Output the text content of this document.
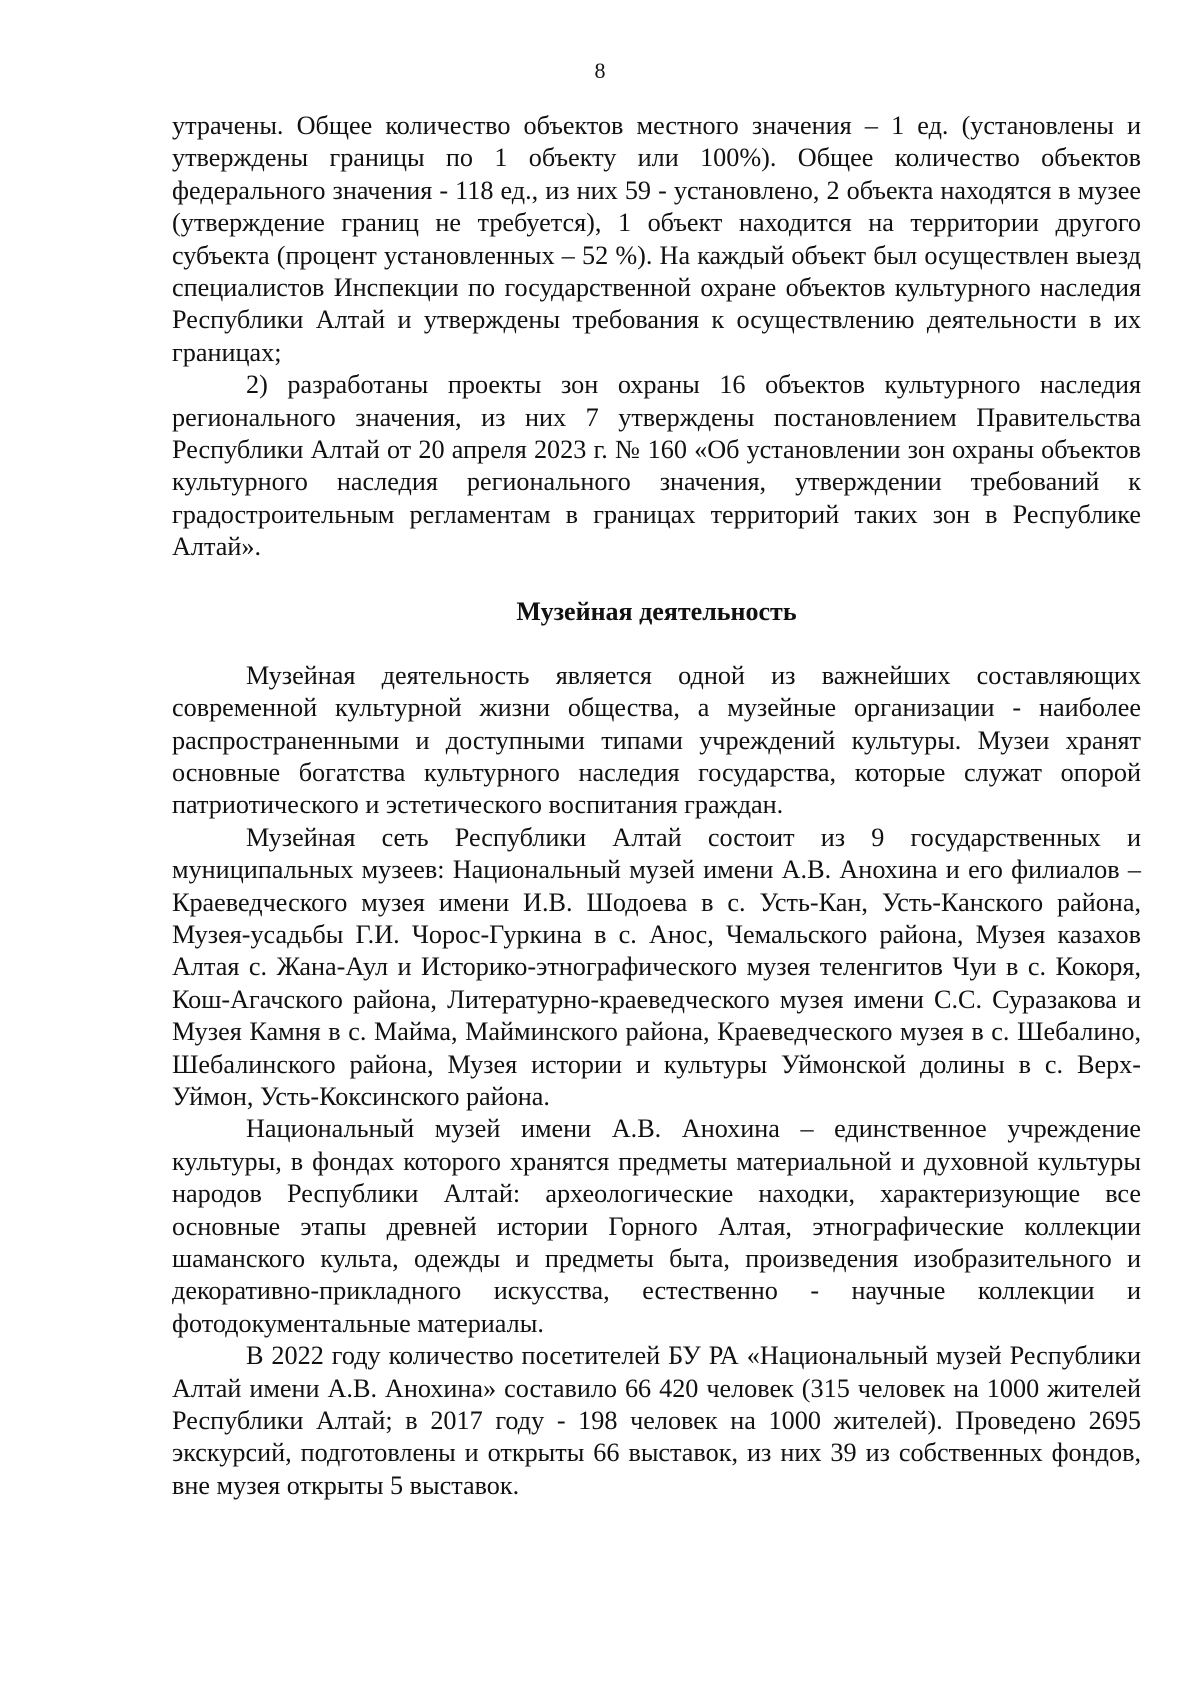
8

утрачены. Общее количество объектов местного значения – 1 ед. (установлены и утверждены границы по 1 объекту или 100%). Общее количество объектов федерального значения - 118 ед., из них 59 - установлено, 2 объекта находятся в музее (утверждение границ не требуется), 1 объект находится на территории другого субъекта (процент установленных – 52 %). На каждый объект был осуществлен выезд специалистов Инспекции по государственной охране объектов культурного наследия Республики Алтай и утверждены требования к осуществлению деятельности в их границах;

2) разработаны проекты зон охраны 16 объектов культурного наследия регионального значения, из них 7 утверждены постановлением Правительства Республики Алтай от 20 апреля 2023 г. № 160 «Об установлении зон охраны объектов культурного наследия регионального значения, утверждении требований к градостроительным регламентам в границах территорий таких зон в Республике Алтай».

Музейная деятельность

Музейная деятельность является одной из важнейших составляющих современной культурной жизни общества, а музейные организации - наиболее распространенными и доступными типами учреждений культуры. Музеи хранят основные богатства культурного наследия государства, которые служат опорой патриотического и эстетического воспитания граждан.

Музейная сеть Республики Алтай состоит из 9 государственных и муниципальных музеев: Национальный музей имени А.В. Анохина и его филиалов – Краеведческого музея имени И.В. Шодоева в с. Усть-Кан, Усть-Канского района, Музея-усадьбы Г.И. Чорос-Гуркина в с. Анос, Чемальского района, Музея казахов Алтая с. Жана-Аул и Историко-этнографического музея теленгитов Чуи в с. Кокоря, Кош-Агачского района, Литературно-краеведческого музея имени С.С. Суразакова и Музея Камня в с. Майма, Майминского района, Краеведческого музея в с. Шебалино, Шебалинского района, Музея истории и культуры Уймонской долины в с. Верх-Уймон, Усть-Коксинского района.

Национальный музей имени А.В. Анохина – единственное учреждение культуры, в фондах которого хранятся предметы материальной и духовной культуры народов Республики Алтай: археологические находки, характеризующие все основные этапы древней истории Горного Алтая, этнографические коллекции шаманского культа, одежды и предметы быта, произведения изобразительного и декоративно-прикладного искусства, естественно - научные коллекции и фотодокументальные материалы.

В 2022 году количество посетителей БУ РА «Национальный музей Республики Алтай имени А.В. Анохина» составило 66 420 человек (315 человек на 1000 жителей Республики Алтай; в 2017 году - 198 человек на 1000 жителей). Проведено 2695 экскурсий, подготовлены и открыты 66 выставок, из них 39 из собственных фондов, вне музея открыты 5 выставок.
